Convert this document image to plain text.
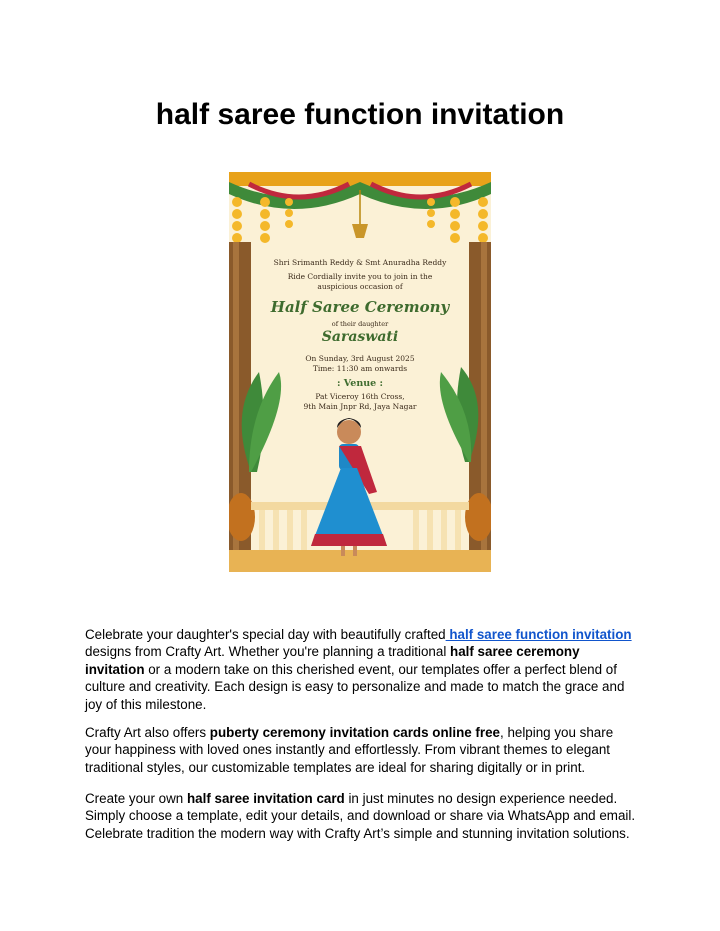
half saree function invitation
Shri Srimanth Reddy & Smt Anuradha Reddy
Ride Cordially invite you to join in the
auspicious occasion of
Half Saree Ceremony
of their daughter
Saraswati
On Sunday, 3rd August 2025
Time: 11:30 am onwards
: Venue :
Pat Viceroy 16th Cross,
9th Main Jnpr Rd, Jaya Nagar

Celebrate your daughter's special day with beautifully crafted half saree function invitation
designs from Crafty Art. Whether you're planning a traditional half saree ceremony invitation or a modern take on this cherished event, our templates offer a perfect blend of culture and creativity. Each design is easy to personalize and made to match the grace and joy of this milestone.

Crafty Art also offers puberty ceremony invitation cards online free, helping you share your happiness with loved ones instantly and effortlessly. From vibrant themes to elegant traditional styles, our customizable templates are ideal for sharing digitally or in print.

Create your own half saree invitation card in just minutes no design experience needed. Simply choose a template, edit your details, and download or share via WhatsApp and email. Celebrate tradition the modern way with Crafty Art’s simple and stunning invitation solutions.
